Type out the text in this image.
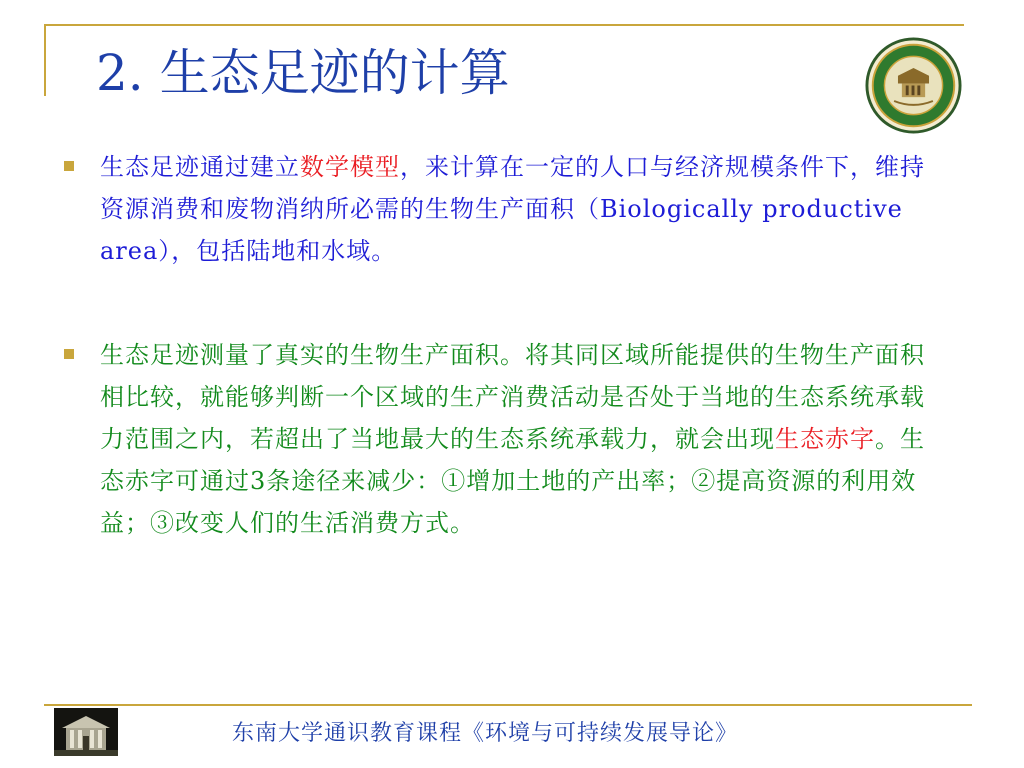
2. 生态足迹的计算
生态足迹通过建立数学模型，来计算在一定的人口与经济规模条件下，维持资源消费和废物消纳所必需的生物生产面积（Biologically productive area），包括陆地和水域。
生态足迹测量了真实的生物生产面积。将其同区域所能提供的生物生产面积相比较，就能够判断一个区域的生产消费活动是否处于当地的生态系统承载力范围之内，若超出了当地最大的生态系统承载力，就会出现生态赤字。生态赤字可通过3条途径来减少：①增加土地的产出率；②提高资源的利用效益；③改变人们的生活消费方式。
东南大学通识教育课程《环境与可持续发展导论》
